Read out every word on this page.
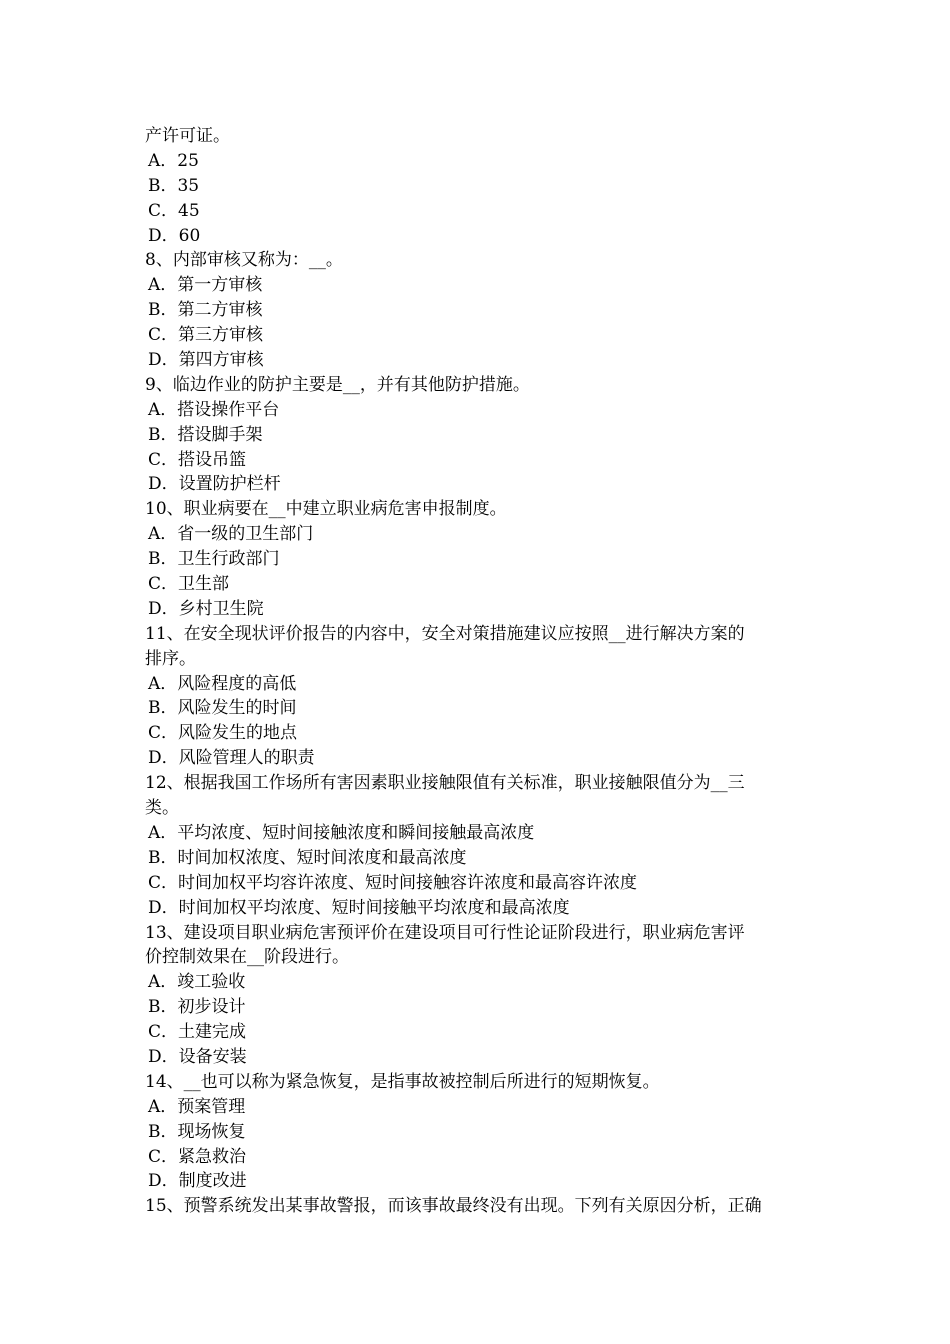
产许可证。
A．25
B．35
C．45
D．60
8、内部审核又称为：__。
A．第一方审核
B．第二方审核
C．第三方审核
D．第四方审核
9、临边作业的防护主要是__，并有其他防护措施。
A．搭设操作平台
B．搭设脚手架
C．搭设吊篮
D．设置防护栏杆
10、职业病要在__中建立职业病危害申报制度。
A．省一级的卫生部门
B．卫生行政部门
C．卫生部
D．乡村卫生院
11、在安全现状评价报告的内容中，安全对策措施建议应按照__进行解决方案的
排序。
A．风险程度的高低
B．风险发生的时间
C．风险发生的地点
D．风险管理人的职责
12、根据我国工作场所有害因素职业接触限值有关标准，职业接触限值分为__三
类。
A．平均浓度、短时间接触浓度和瞬间接触最高浓度
B．时间加权浓度、短时间浓度和最高浓度
C．时间加权平均容许浓度、短时间接触容许浓度和最高容许浓度
D．时间加权平均浓度、短时间接触平均浓度和最高浓度
13、建设项目职业病危害预评价在建设项目可行性论证阶段进行，职业病危害评
价控制效果在__阶段进行。
A．竣工验收
B．初步设计
C．土建完成
D．设备安装
14、__也可以称为紧急恢复，是指事故被控制后所进行的短期恢复。
A．预案管理
B．现场恢复
C．紧急救治
D．制度改进
15、预警系统发出某事故警报，而该事故最终没有出现。下列有关原因分析，正确
